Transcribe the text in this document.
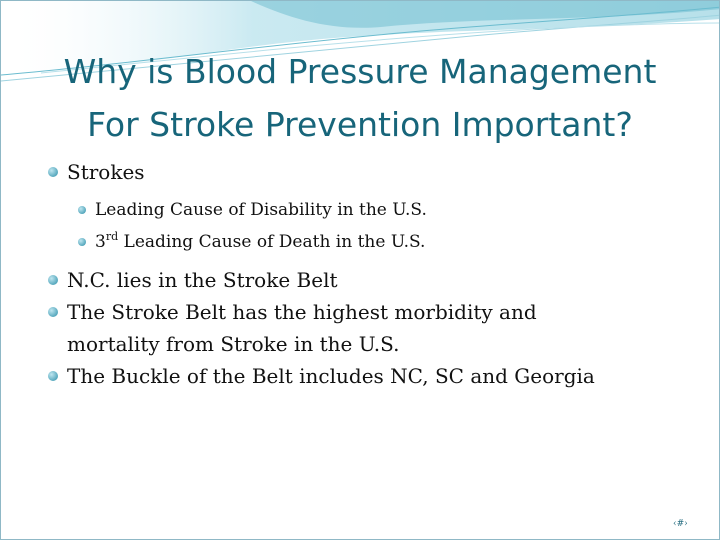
Why is Blood Pressure Management
For Stroke Prevention Important?
Strokes
Leading Cause of Disability in the U.S.
3rd Leading Cause of Death in the U.S.
N.C. lies in the Stroke Belt
The Stroke Belt has the highest morbidity and
mortality from Stroke in the U.S.
The Buckle of the Belt includes NC, SC and Georgia
‹#›
